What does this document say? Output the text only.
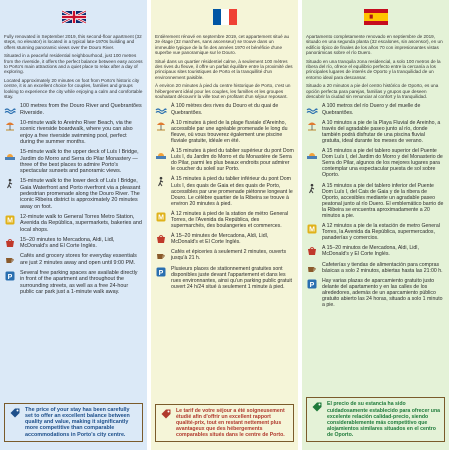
Fully renovated in September 2019, this second-floor apartment (32 steps, no elevator) is located in a typical late-1970s building and offers stunning panoramic views over the Douro River.

Situated in a peaceful residential neighbourhood, just 100 metres from the riverside, it offers the perfect balance between easy access to Porto's main attractions and a quiet place to relax after a day of exploring.

Located approximately 20 minutes on foot from Porto's historic city centre, it is an excellent choice for couples, families and groups looking to experience the city while enjoying a calm and comfortable stay.

100 metres from the Douro River and Quebrantões Riverside.
10-minute walk to Areinho River Beach, via the scenic riverside boardwalk, where you can also enjoy a free riverside swimming pool, perfect during the summer months.
15-minute walk to the upper deck of Luís I Bridge, Jardim do Morro and Serra do Pilar Monastery — three of the best places to admire Porto's spectacular sunsets and panoramic views.
15-minute walk to the lower deck of Luís I Bridge, Gaia Waterfront and Porto riverfront via a pleasant pedestrian promenade along the Douro River. The iconic Ribeira district is approximately 20 minutes away on foot.
M
12-minute walk to General Torres Metro Station, Avenida da República, supermarkets, bakeries and local shops.
15–20 minutes to Mercadona, Aldi, Lidl, McDonald's and El Corte Inglés.
Cafés and grocery stores for everyday essentials are just 2 minutes away and open until 9:00 PM.
P
Several free parking spaces are available directly in front of the apartment and throughout the surrounding streets, as well as a free 24-hour public car park just a 1-minute walk away.
The price of your stay has been carefully set to offer an excellent balance between quality and value, making it significantly more competitive than comparable accommodations in Porto's city centre.

Entièrement rénové en septembre 2019, cet appartement situé au 2e étage (32 marches, sans ascenseur) se trouve dans un immeuble typique de la fin des années 1970 et bénéficie d'une superbe vue panoramique sur le Douro.

Situé dans un quartier résidentiel calme, à seulement 100 mètres des rives du fleuve, il offre un parfait équilibre entre la proximité des principaux sites touristiques de Porto et la tranquillité d'un environnement paisible.

À environ 20 minutes à pied du centre historique de Porto, c'est un hébergement idéal pour les couples, les familles et les groupes souhaitant découvrir la ville tout en profitant d'un séjour reposant.

À 100 mètres des rives du Douro et du quai de Quebrantões.
À 10 minutes à pied de la plage fluviale d'Areinho, accessible par une agréable promenade le long du fleuve, où vous trouverez également une piscine fluviale gratuite, idéale en été.
À 15 minutes à pied du tablier supérieur du pont Dom Luís I, du Jardim do Morro et du Monastère de Serra do Pilar, parmi les plus beaux endroits pour admirer le coucher du soleil sur Porto.
À 15 minutes à pied du tablier inférieur du pont Dom Luís I, des quais de Gaia et des quais de Porto, accessibles par une promenade piétonne longeant le Douro. Le célèbre quartier de la Ribeira se trouve à environ 20 minutes à pied.
M
À 12 minutes à pied de la station de métro General Torres, de l'Avenida da República, des supermarchés, des boulangeries et commerces.
À 15–20 minutes de Mercadona, Aldi, Lidl, McDonald's et El Corte Inglés.
Cafés et épiceries à seulement 2 minutes, ouverts jusqu'à 21 h.
P
Plusieurs places de stationnement gratuites sont disponibles juste devant l'appartement et dans les rues environnantes, ainsi qu'un parking public gratuit ouvert 24 h/24 situé à seulement 1 minute à pied.
Le tarif de votre séjour a été soigneusement étudié afin d'offrir un excellent rapport qualité-prix, tout en restant nettement plus avantageux que des hébergements comparables situés dans le centre de Porto.

Apartamento completamente renovado en septiembre de 2019, situado en una segunda planta (32 escalones, sin ascensor), en un edificio típico de finales de los años 70 con impresionantes vistas panorámicas sobre el río Duero.

Situado en una tranquila zona residencial, a solo 100 metros de la ribera del río, ofrece el equilibrio perfecto entre la cercanía a los principales lugares de interés de Oporto y la tranquilidad de un entorno ideal para descansar.

Situado a 20 minutos a pie del centro histórico de Oporto, es una opción perfecta para parejas, familias y grupos que deseen descubrir la ciudad sin renunciar al confort y la tranquilidad.

A 100 metros del río Duero y del muelle de Quebrantões.
A 10 minutos a pie de la Playa Fluvial de Areinho, a través del agradable paseo junto al río, donde también podrá disfrutar de una piscina fluvial gratuita, ideal durante los meses de verano.
A 15 minutos a pie del tablero superior del Puente Dom Luís I, del Jardim do Morro y del Monasterio de Serra do Pilar, algunos de los mejores lugares para contemplar una espectacular puesta de sol sobre Oporto.
A 15 minutos a pie del tablero inferior del Puente Dom Luís I, del Cais de Gaia y de la ribera de Oporto, accesibles mediante un agradable paseo peatonal junto al río Duero. El emblemático barrio de la Ribeira se encuentra aproximadamente a 20 minutos a pie.
M
A 12 minutos a pie de la estación de metro General Torres, la Avenida da República, supermercados, panaderías y comercios.
A 15–20 minutos de Mercadona, Aldi, Lidl, McDonald's y El Corte Inglés.
Cafeterías y tiendas de alimentación para compras básicas a solo 2 minutos, abiertas hasta las 21:00 h.
P
Hay varias plazas de aparcamiento gratuito justo delante del apartamento y en las calles de los alrededores, además de un aparcamiento público gratuito abierto las 24 horas, situado a solo 1 minuto a pie.
El precio de su estancia ha sido cuidadosamente establecido para ofrecer una excelente relación calidad-precio, siendo considerablemente más competitivo que alojamientos similares situados en el centro de Oporto.
